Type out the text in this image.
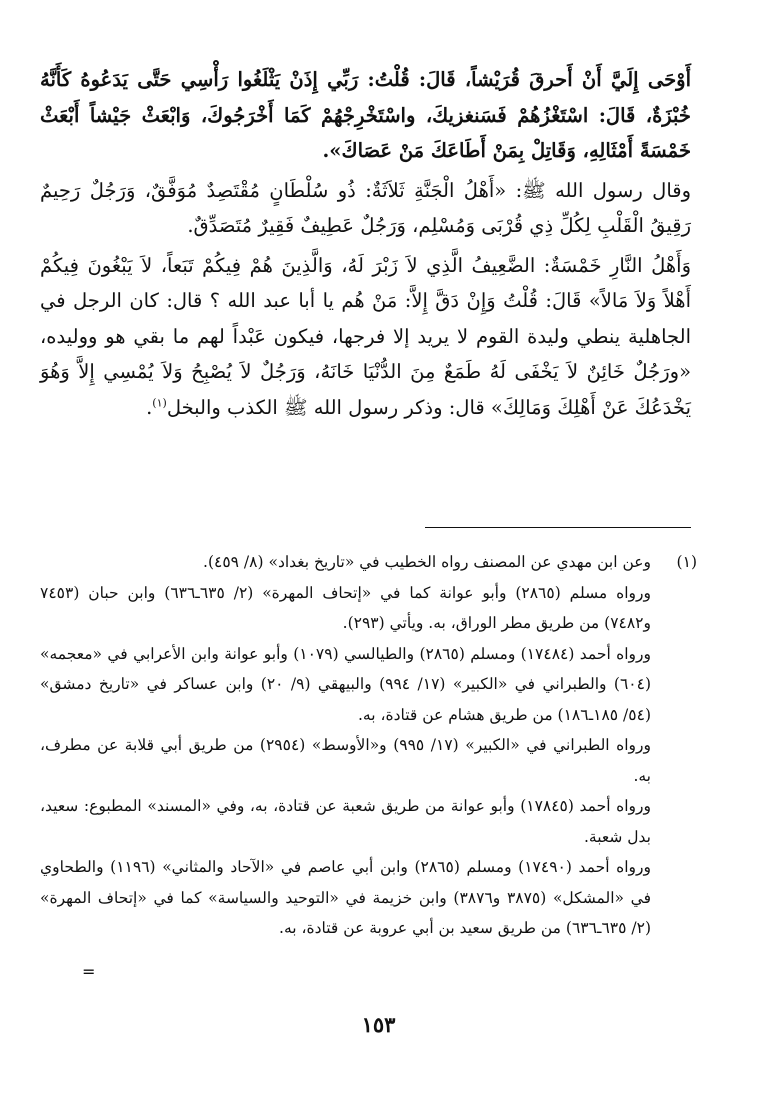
أَوْحَى إِلَيَّ أَنْ أَحرقَ قُرَيْشاً، قَالَ: قُلْتُ: رَبِّي إِذَنْ يَثْلَغُوا رَأْسِي حَتَّى يَدَعُوهُ كَأَنَّهُ خُبْزَةٌ، قَالَ: اسْتَغْزُهُمْ فَسَنغزيكَ، واسْتَخْرِجْهُمْ كَمَا أَخْرَجُوكَ، وَابْعَثْ جَيْشاً أَبْعَثْ خَمْسَةً أَمْثَالِهِ، وَقَاتِلْ بِمَنْ أَطَاعَكَ مَنْ عَصَاكَ».

وقال رسول الله ﷺ: «أَهْلُ الْجَنَّةِ ثَلاَثَةٌ: ذُو سُلْطَانٍ مُقْتَصِدٌ مُوَفَّقٌ، وَرَجُلٌ رَحِيمٌ رَقِيقُ الْقَلْبِ لِكُلِّ ذِي قُرْبَى وَمُسْلِم، وَرَجُلٌ عَطِيفٌ فَقِيرٌ مُتَصَدِّقٌ.

وَأَهْلُ النَّارِ خَمْسَةٌ: الضَّعِيفُ الَّذِي لاَ زَبْرَ لَهُ، وَالَّذِينَ هُمْ فِيكُمْ تَبَعاً، لاَ يَبْغُونَ فِيكُمْ أَهْلاً وَلاَ مَالاً» قَالَ: قُلْتُ وَإِنْ دَقَّ إِلاَّ: مَنْ هُم يا أبا عبد الله ؟ قال: كان الرجل في الجاهلية ينطي وليدة القوم لا يريد إلا فرجها، فيكون عَبْداً لهم ما بقي هو ووليده، «ورَجُلٌ خَائِنٌ لاَ يَخْفَى لَهُ طَمَعٌ مِنَ الدُّنْيَا خَانَهُ، وَرَجُلٌ لاَ يُصْبِحُ وَلاَ يُمْسِي إِلاَّ وَهُوَ يَخْدَعُكَ عَنْ أَهْلِكَ وَمَالِكَ» قال: وذكر رسول الله ﷺ الكذب والبخل$^{(١)}$.

(١)

وعن ابن مهدي عن المصنف رواه الخطيب في «تاريخ بغداد» (٨/ ٤٥٩).

ورواه مسلم (٢٨٦٥) وأبو عوانة كما في «إتحاف المهرة» (٢/ ٦٣٥ـ٦٣٦) وابن حبان (٧٤٥٣ و٧٤٨٢) من طريق مطر الوراق، به. ويأتي (٢٩٣).

ورواه أحمد (١٧٤٨٤) ومسلم (٢٨٦٥) والطيالسي (١٠٧٩) وأبو عوانة وابن الأعرابي في «معجمه» (٦٠٤) والطبراني في «الكبير» (١٧/ ٩٩٤) والبيهقي (٩/ ٢٠) وابن عساكر في «تاريخ دمشق» (٥٤/ ١٨٥ـ١٨٦) من طريق هشام عن قتادة، به.

ورواه الطبراني في «الكبير» (١٧/ ٩٩٥) و«الأوسط» (٢٩٥٤) من طريق أبي قلابة عن مطرف، به.

ورواه أحمد (١٧٨٤٥) وأبو عوانة من طريق شعبة عن قتادة، به، وفي «المسند» المطبوع: سعيد، بدل شعبة.

ورواه أحمد (١٧٤٩٠) ومسلم (٢٨٦٥) وابن أبي عاصم في «الآحاد والمثاني» (١١٩٦) والطحاوي في «المشكل» (٣٨٧٥ و٣٨٧٦) وابن خزيمة في «التوحيد والسياسة» كما في «إتحاف المهرة» (٢/ ٦٣٥ـ٦٣٦) من طريق سعيد بن أبي عروبة عن قتادة، به.

=
١٥٣
